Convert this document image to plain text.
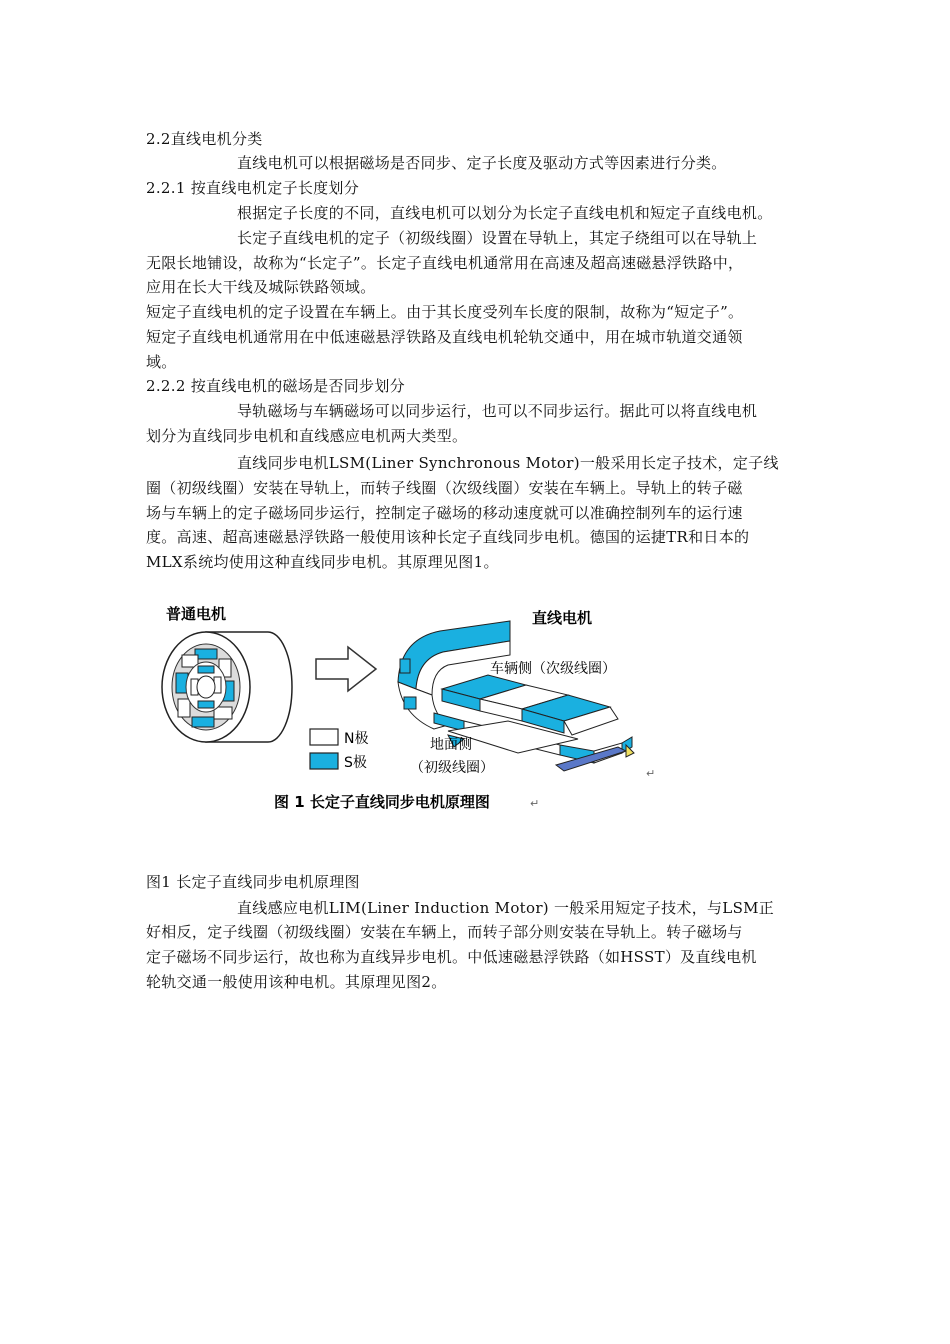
2.2直线电机分类
直线电机可以根据磁场是否同步、定子长度及驱动方式等因素进行分类。
2.2.1 按直线电机定子长度划分
根据定子长度的不同，直线电机可以划分为长定子直线电机和短定子直线电机。
长定子直线电机的定子（初级线圈）设置在导轨上，其定子绕组可以在导轨上
无限长地铺设，故称为“长定子”。长定子直线电机通常用在高速及超高速磁悬浮铁路中，
应用在长大干线及城际铁路领域。
短定子直线电机的定子设置在车辆上。由于其长度受列车长度的限制，故称为“短定子”。
短定子直线电机通常用在中低速磁悬浮铁路及直线电机轮轨交通中，用在城市轨道交通领
域。
2.2.2 按直线电机的磁场是否同步划分
导轨磁场与车辆磁场可以同步运行，也可以不同步运行。据此可以将直线电机
划分为直线同步电机和直线感应电机两大类型。
直线同步电机LSM(Liner Synchronous Motor)一般采用长定子技术，定子线
圈（初级线圈）安装在导轨上，而转子线圈（次级线圈）安装在车辆上。导轨上的转子磁
场与车辆上的定子磁场同步运行，控制定子磁场的移动速度就可以准确控制列车的运行速
度。高速、超高速磁悬浮铁路一般使用该种长定子直线同步电机。德国的运捷TR和日本的
MLX系统均使用这种直线同步电机。其原理见图1。
普通电机	直线电机
车辆侧（次级线圈）
地面侧
（初级线圈）
N极
S极
↵
图 1 长定子直线同步电机原理图	↵
图1 长定子直线同步电机原理图
直线感应电机LIM(Liner Induction Motor) 一般采用短定子技术，与LSM正
好相反，定子线圈（初级线圈）安装在车辆上，而转子部分则安装在导轨上。转子磁场与
定子磁场不同步运行，故也称为直线异步电机。中低速磁悬浮铁路（如HSST）及直线电机
轮轨交通一般使用该种电机。其原理见图2。
